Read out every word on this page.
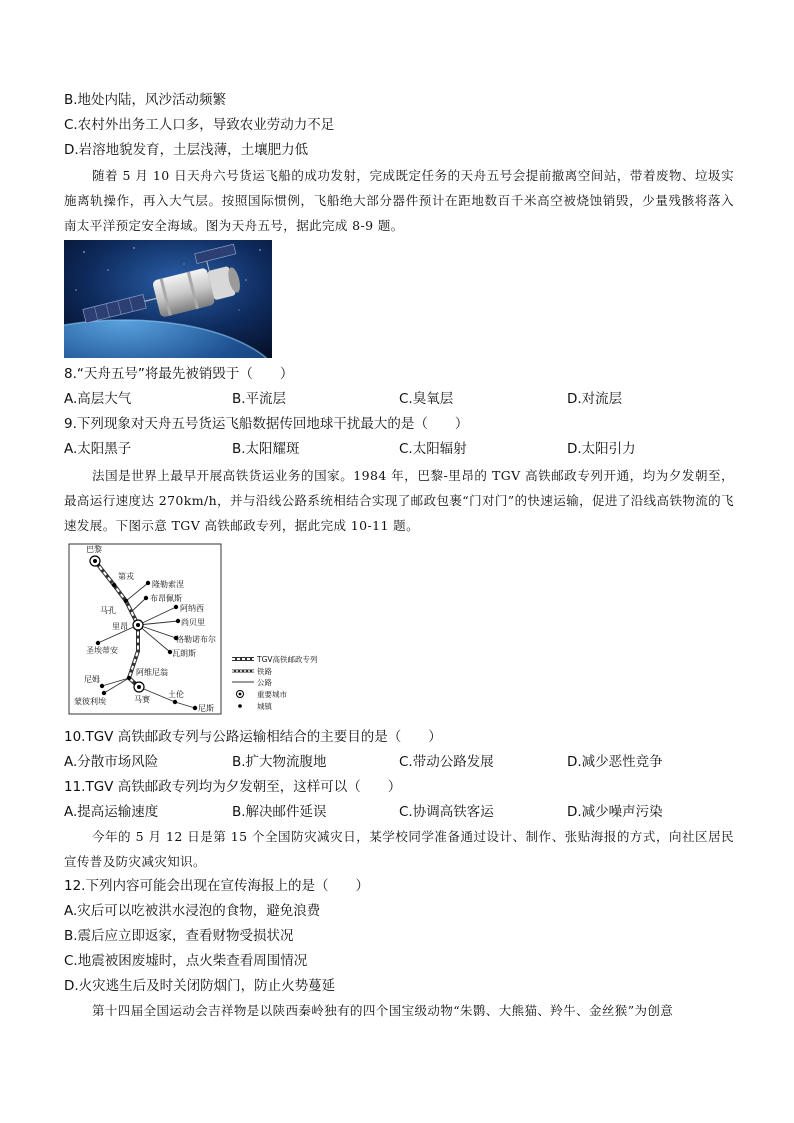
B.地处内陆，风沙活动频繁
C.农村外出务工人口多，导致农业劳动力不足
D.岩溶地貌发育，土层浅薄，土壤肥力低
随着 5 月 10 日天舟六号货运飞船的成功发射，完成既定任务的天舟五号会提前撤离空间站，带着废物、垃圾实施离轨操作，再入大气层。按照国际惯例，飞船绝大部分器件预计在距地数百千米高空被烧蚀销毁，少量残骸将落入南太平洋预定安全海域。图为天舟五号，据此完成 8-9 题。
8.“天舟五号”将最先被销毁于（　　）
A.高层大气	B.平流层	C.臭氧层	D.对流层
9.下列现象对天舟五号货运飞船数据传回地球干扰最大的是（　　）
A.太阳黑子	B.太阳耀斑	C.太阳辐射	D.太阳引力
法国是世界上最早开展高铁货运业务的国家。1984 年，巴黎-里昂的 TGV 高铁邮政专列开通，均为夕发朝至，最高运行速度达 270km/h，并与沿线公路系统相结合实现了邮政包裹“门对门”的快速运输，促进了沿线高铁物流的飞速发展。下图示意 TGV 高铁邮政专列，据此完成 10-11 题。
巴黎
第戎
隆勒索涅
布昂佩斯
马孔	阿纳西
里昂	尚贝里
格勒诺布尔
圣埃蒂安	瓦朗斯
阿维尼翁
尼姆
蒙彼利埃	马赛
土伦
尼斯
TGV高铁邮政专列
铁路
公路
重要城市
城镇
10.TGV 高铁邮政专列与公路运输相结合的主要目的是（　　）
A.分散市场风险	B.扩大物流腹地	C.带动公路发展	D.减少恶性竞争
11.TGV 高铁邮政专列均为夕发朝至，这样可以（　　）
A.提高运输速度	B.解决邮件延误	C.协调高铁客运	D.减少噪声污染
今年的 5 月 12 日是第 15 个全国防灾减灾日，某学校同学准备通过设计、制作、张贴海报的方式，向社区居民宣传普及防灾减灾知识。
12.下列内容可能会出现在宣传海报上的是（　　）
A.灾后可以吃被洪水浸泡的食物，避免浪费
B.震后应立即返家，查看财物受损状况
C.地震被困废墟时，点火柴查看周围情况
D.火灾逃生后及时关闭防烟门，防止火势蔓延
第十四届全国运动会吉祥物是以陕西秦岭独有的四个国宝级动物“朱鹮、大熊猫、羚牛、金丝猴”为创意
